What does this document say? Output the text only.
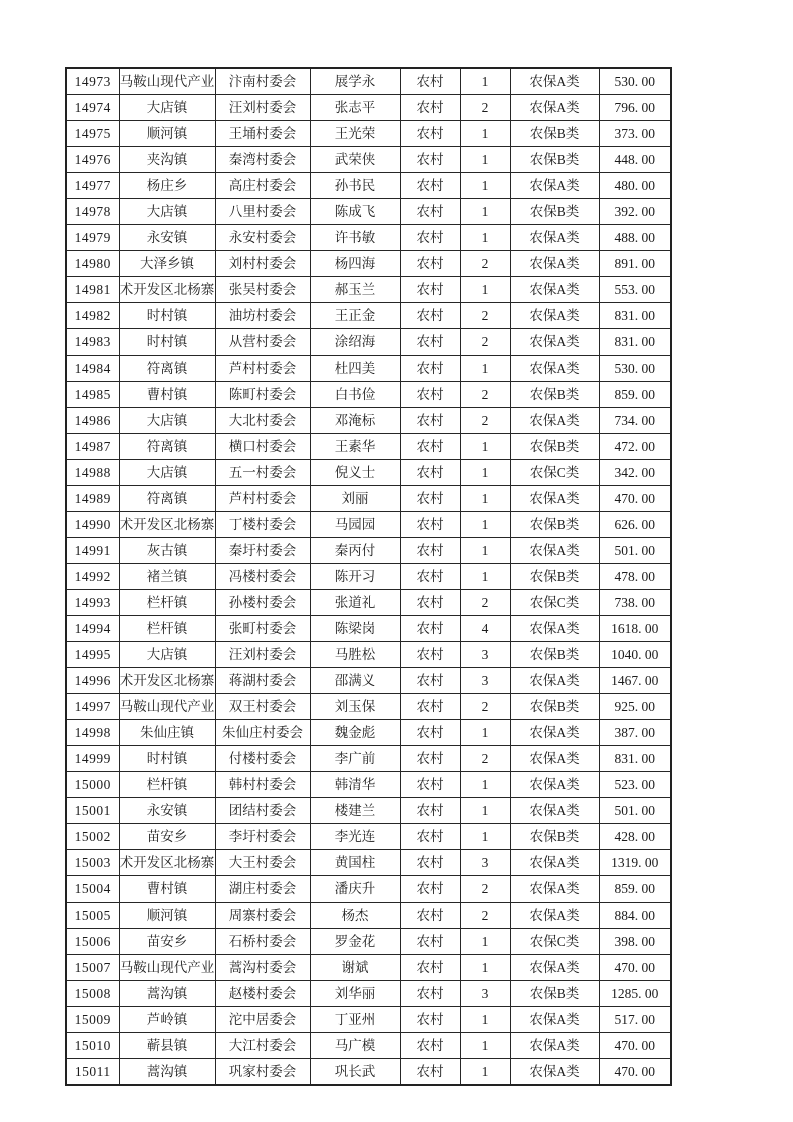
14973	马鞍山现代产业	汴南村委会	展学永	农村	1	农保A类	530. 00
14974	大店镇	汪刘村委会	张志平	农村	2	农保A类	796. 00
14975	顺河镇	王埇村委会	王光荣	农村	1	农保B类	373. 00
14976	夹沟镇	秦湾村委会	武荣侠	农村	1	农保B类	448. 00
14977	杨庄乡	高庄村委会	孙书民	农村	1	农保A类	480. 00
14978	大店镇	八里村委会	陈成飞	农村	1	农保B类	392. 00
14979	永安镇	永安村委会	许书敏	农村	1	农保A类	488. 00
14980	大泽乡镇	刘村村委会	杨四海	农村	2	农保A类	891. 00
14981	术开发区北杨寨	张吴村委会	郝玉兰	农村	1	农保A类	553. 00
14982	时村镇	油坊村委会	王正金	农村	2	农保A类	831. 00
14983	时村镇	从营村委会	涂绍海	农村	2	农保A类	831. 00
14984	符离镇	芦村村委会	杜四美	农村	1	农保A类	530. 00
14985	曹村镇	陈町村委会	白书俭	农村	2	农保B类	859. 00
14986	大店镇	大北村委会	邓淹标	农村	2	农保A类	734. 00
14987	符离镇	横口村委会	王素华	农村	1	农保B类	472. 00
14988	大店镇	五一村委会	倪义士	农村	1	农保C类	342. 00
14989	符离镇	芦村村委会	刘丽	农村	1	农保A类	470. 00
14990	术开发区北杨寨	丁楼村委会	马园园	农村	1	农保B类	626. 00
14991	灰古镇	秦圩村委会	秦丙付	农村	1	农保A类	501. 00
14992	褚兰镇	冯楼村委会	陈开习	农村	1	农保B类	478. 00
14993	栏杆镇	孙楼村委会	张道礼	农村	2	农保C类	738. 00
14994	栏杆镇	张町村委会	陈梁岗	农村	4	农保A类	1618. 00
14995	大店镇	汪刘村委会	马胜松	农村	3	农保B类	1040. 00
14996	术开发区北杨寨	蒋湖村委会	邵满义	农村	3	农保A类	1467. 00
14997	马鞍山现代产业	双王村委会	刘玉保	农村	2	农保B类	925. 00
14998	朱仙庄镇	朱仙庄村委会	魏金彪	农村	1	农保A类	387. 00
14999	时村镇	付楼村委会	李广前	农村	2	农保A类	831. 00
15000	栏杆镇	韩村村委会	韩清华	农村	1	农保A类	523. 00
15001	永安镇	团结村委会	楼建兰	农村	1	农保A类	501. 00
15002	苗安乡	李圩村委会	李光连	农村	1	农保B类	428. 00
15003	术开发区北杨寨	大王村委会	黄国柱	农村	3	农保A类	1319. 00
15004	曹村镇	湖庄村委会	潘庆升	农村	2	农保A类	859. 00
15005	顺河镇	周寨村委会	杨杰	农村	2	农保A类	884. 00
15006	苗安乡	石桥村委会	罗金花	农村	1	农保C类	398. 00
15007	马鞍山现代产业	蒿沟村委会	谢斌	农村	1	农保A类	470. 00
15008	蒿沟镇	赵楼村委会	刘华丽	农村	3	农保B类	1285. 00
15009	芦岭镇	沱中居委会	丁亚州	农村	1	农保A类	517. 00
15010	蕲县镇	大江村委会	马广模	农村	1	农保A类	470. 00
15011	蒿沟镇	巩家村委会	巩长武	农村	1	农保A类	470. 00
